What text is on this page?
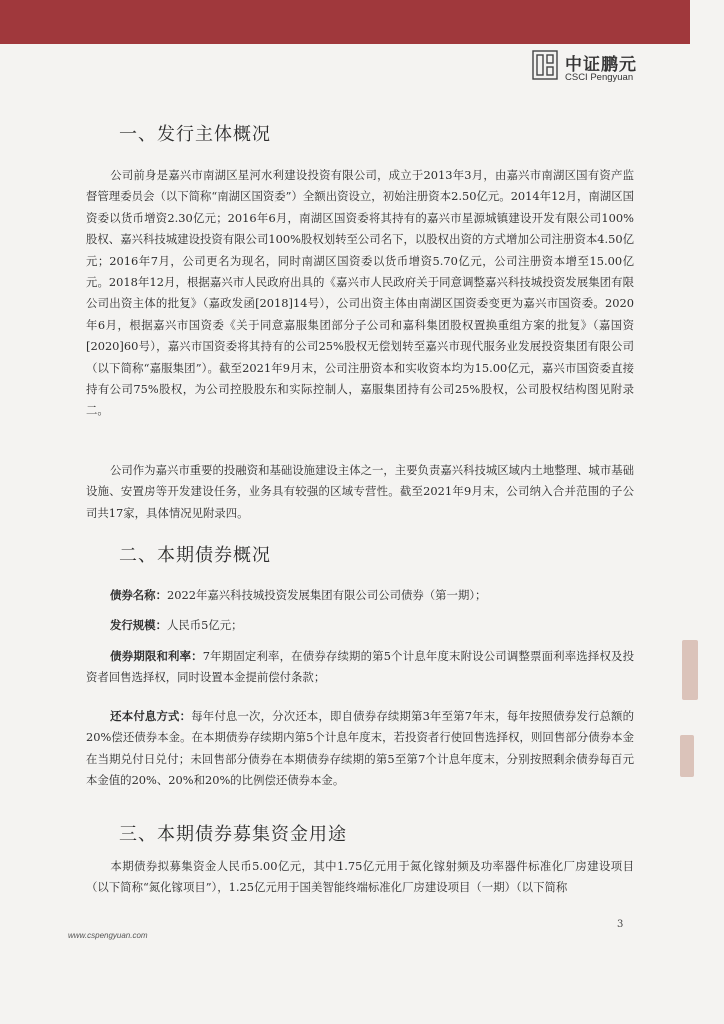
中证鹏元
CSCI Pengyuan
一、发行主体概况

公司前身是嘉兴市南湖区星河水利建设投资有限公司，成立于2013年3月，由嘉兴市南湖区国有资产监督管理委员会（以下简称“南湖区国资委”）全额出资设立，初始注册资本2.50亿元。2014年12月，南湖区国资委以货币增资2.30亿元；2016年6月，南湖区国资委将其持有的嘉兴市星源城镇建设开发有限公司100%股权、嘉兴科技城建设投资有限公司100%股权划转至公司名下，以股权出资的方式增加公司注册资本4.50亿元；2016年7月，公司更名为现名，同时南湖区国资委以货币增资5.70亿元，公司注册资本增至15.00亿元。2018年12月，根据嘉兴市人民政府出具的《嘉兴市人民政府关于同意调整嘉兴科技城投资发展集团有限公司出资主体的批复》（嘉政发函[2018]14号），公司出资主体由南湖区国资委变更为嘉兴市国资委。2020年6月，根据嘉兴市国资委《关于同意嘉服集团部分子公司和嘉科集团股权置换重组方案的批复》（嘉国资[2020]60号），嘉兴市国资委将其持有的公司25%股权无偿划转至嘉兴市现代服务业发展投资集团有限公司（以下简称“嘉服集团”）。截至2021年9月末，公司注册资本和实收资本均为15.00亿元，嘉兴市国资委直接持有公司75%股权，为公司控股股东和实际控制人，嘉服集团持有公司25%股权，公司股权结构图见附录二。

公司作为嘉兴市重要的投融资和基础设施建设主体之一，主要负责嘉兴科技城区域内土地整理、城市基础设施、安置房等开发建设任务，业务具有较强的区域专营性。截至2021年9月末，公司纳入合并范围的子公司共17家，具体情况见附录四。

二、本期债券概况

债券名称：2022年嘉兴科技城投资发展集团有限公司公司债券（第一期）；

发行规模：人民币5亿元；

债券期限和利率：7年期固定利率，在债券存续期的第5个计息年度末附设公司调整票面利率选择权及投资者回售选择权，同时设置本金提前偿付条款；

还本付息方式：每年付息一次，分次还本，即自债券存续期第3年至第7年末，每年按照债券发行总额的20%偿还债券本金。在本期债券存续期内第5个计息年度末，若投资者行使回售选择权，则回售部分债券本金在当期兑付日兑付；未回售部分债券在本期债券存续期的第5至第7个计息年度末，分别按照剩余债券每百元本金值的20%、20%和20%的比例偿还债券本金。

三、本期债券募集资金用途

本期债券拟募集资金人民币5.00亿元，其中1.75亿元用于氮化镓射频及功率器件标准化厂房建设项目（以下简称“氮化镓项目”），1.25亿元用于国美智能终端标准化厂房建设项目（一期）（以下简称

www.cspengyuan.com
3
